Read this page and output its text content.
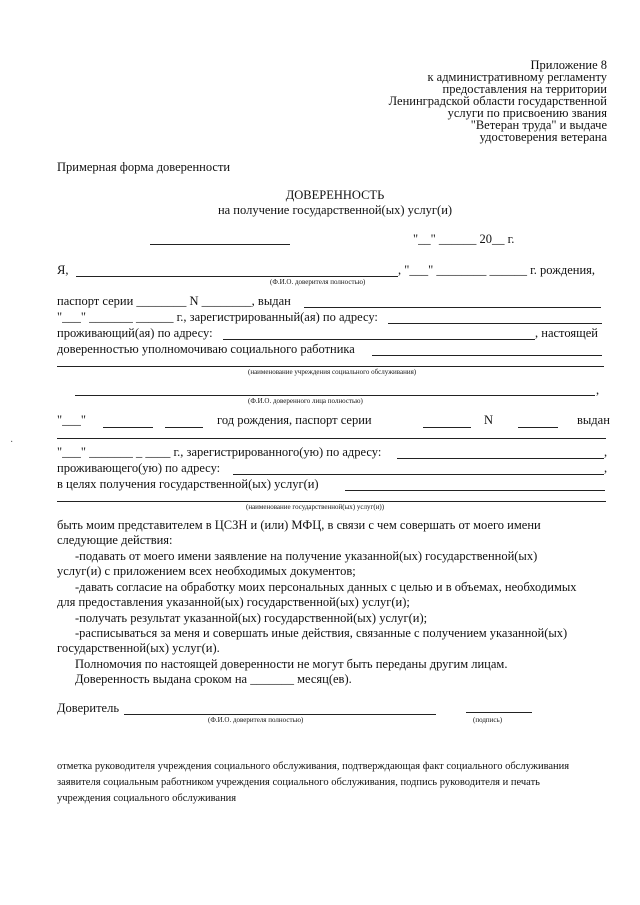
Приложение 8
к административному регламенту
предоставления на территории
Ленинградской области государственной
услуги по присвоению звания
"Ветеран труда" и выдаче
удостоверения ветерана
Примерная форма доверенности
ДОВЕРЕННОСТЬ
на получение государственной(ых) услуг(и)
"__" ______ 20__ г.
Я,	, "___" ________ ______ г. рождения,
(Ф.И.О. доверителя полностью)
паспорт серии ________ N ________, выдан
"___" _______ ______ г., зарегистрированный(ая) по адресу:
проживающий(ая) по адресу:	, настоящей
доверенностью уполномочиваю социального работника
(наименование учреждения социального обслуживания)
,
(Ф.И.О. доверенного лица полностью)
"___"	год рождения, паспорт серии	N	выдан
"___" _______ _ ____ г., зарегистрированного(ую) по адресу:	,
проживающего(ую) по адресу:	,
в целях получения государственной(ых) услуг(и)
(наименование государственной(ых) услуг(и))
быть моим представителем в ЦСЗН и (или) МФЦ, в связи с чем совершать от моего имени
следующие действия:
-подавать от моего имени заявление на получение указанной(ых) государственной(ых)
услуг(и) с приложением всех необходимых документов;
-давать согласие на обработку моих персональных данных с целью и в объемах, необходимых
для предоставления указанной(ых) государственной(ых) услуг(и);
-получать результат указанной(ых) государственной(ых) услуг(и);
-расписываться за меня и совершать иные действия, связанные с получением указанной(ых)
государственной(ых) услуг(и).
Полномочия по настоящей доверенности не могут быть переданы другим лицам.
Доверенность выдана сроком на _______ месяц(ев).
Доверитель
(Ф.И.О. доверителя полностью)	(подпись)
отметка руководителя учреждения социального обслуживания, подтверждающая факт социального обслуживания
заявителя социальным работником учреждения социального обслуживания, подпись руководителя и печать
учреждения социального обслуживания
·
